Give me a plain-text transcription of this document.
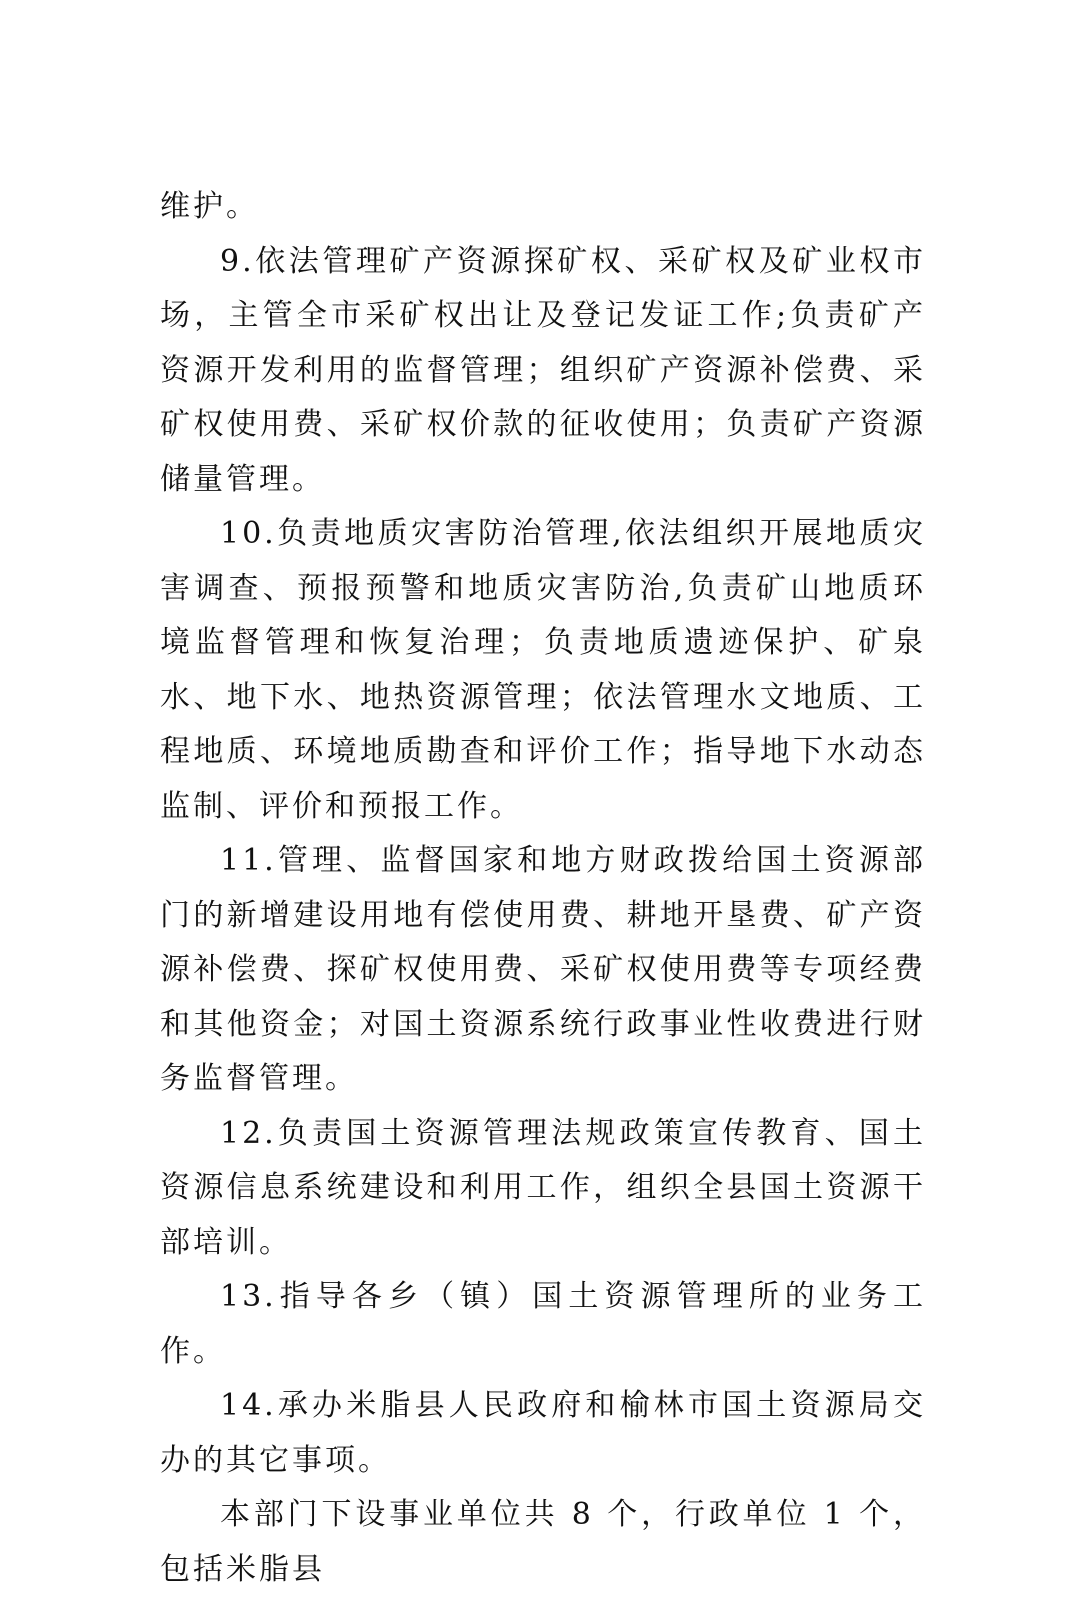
维护。

9.依法管理矿产资源探矿权、采矿权及矿业权市场，主管全市采矿权出让及登记发证工作;负责矿产资源开发利用的监督管理；组织矿产资源补偿费、采矿权使用费、采矿权价款的征收使用；负责矿产资源储量管理。

10.负责地质灾害防治管理,依法组织开展地质灾害调查、预报预警和地质灾害防治,负责矿山地质环境监督管理和恢复治理；负责地质遗迹保护、矿泉水、地下水、地热资源管理；依法管理水文地质、工程地质、环境地质勘查和评价工作；指导地下水动态监制、评价和预报工作。

11.管理、监督国家和地方财政拨给国土资源部门的新增建设用地有偿使用费、耕地开垦费、矿产资源补偿费、探矿权使用费、采矿权使用费等专项经费和其他资金；对国土资源系统行政事业性收费进行财务监督管理。

12.负责国土资源管理法规政策宣传教育、国土资源信息系统建设和利用工作，组织全县国土资源干部培训。

13.指导各乡（镇）国土资源管理所的业务工作。

14.承办米脂县人民政府和榆林市国土资源局交办的其它事项。

本部门下设事业单位共 8 个，行政单位 1 个，包括米脂县
